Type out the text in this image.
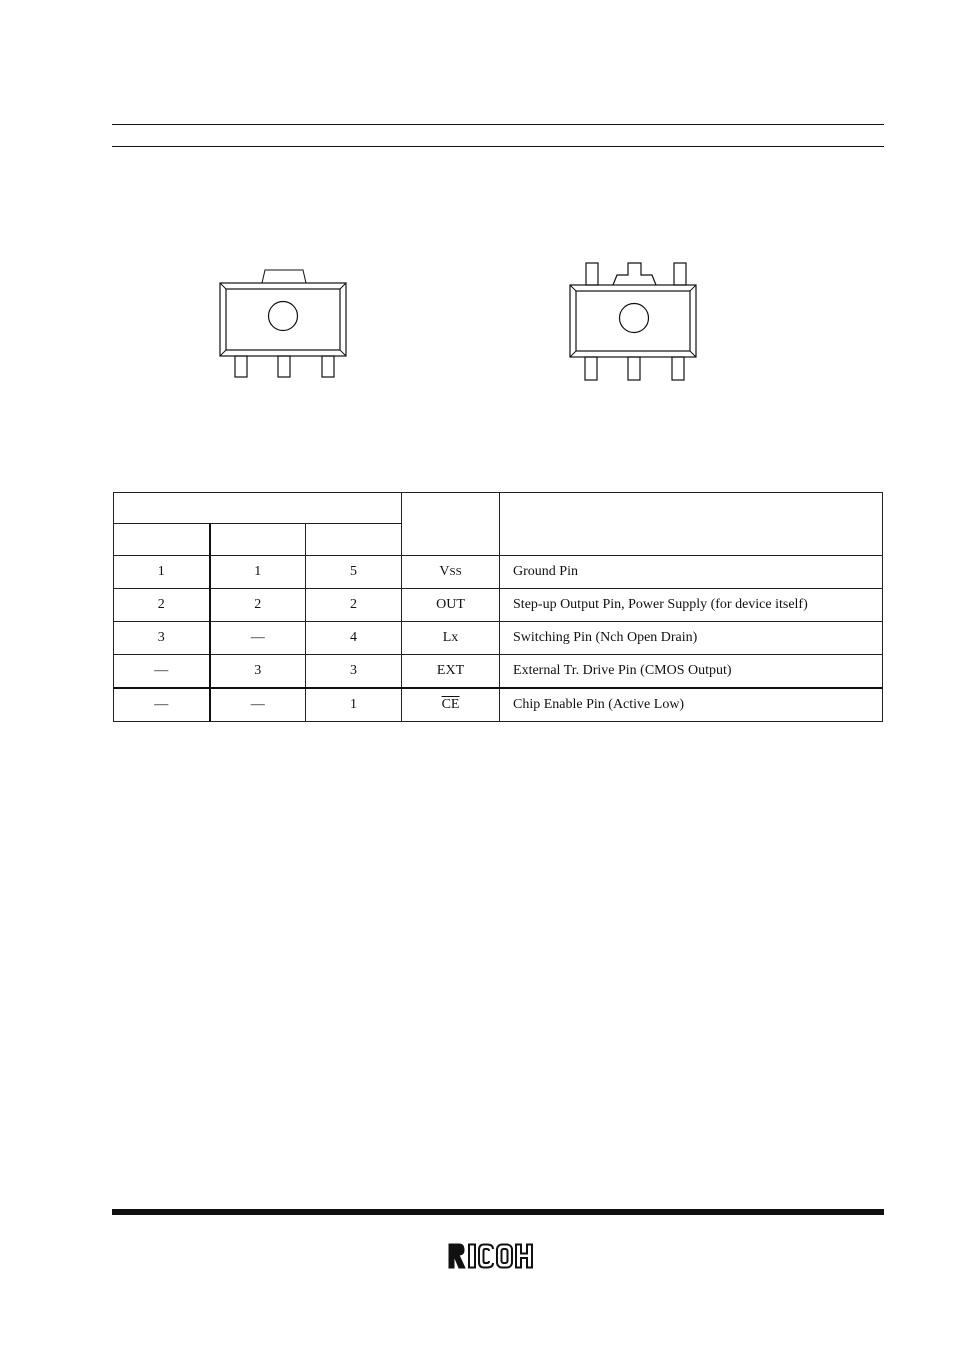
1	1	5	VSS	Ground Pin
2	2	2	OUT	Step-up Output Pin, Power Supply (for device itself)
3	—	4	Lx	Switching Pin (Nch Open Drain)
—	3	3	EXT	External Tr. Drive Pin (CMOS Output)
—	—	1	$\overline{CE}$	Chip Enable Pin (Active Low)
